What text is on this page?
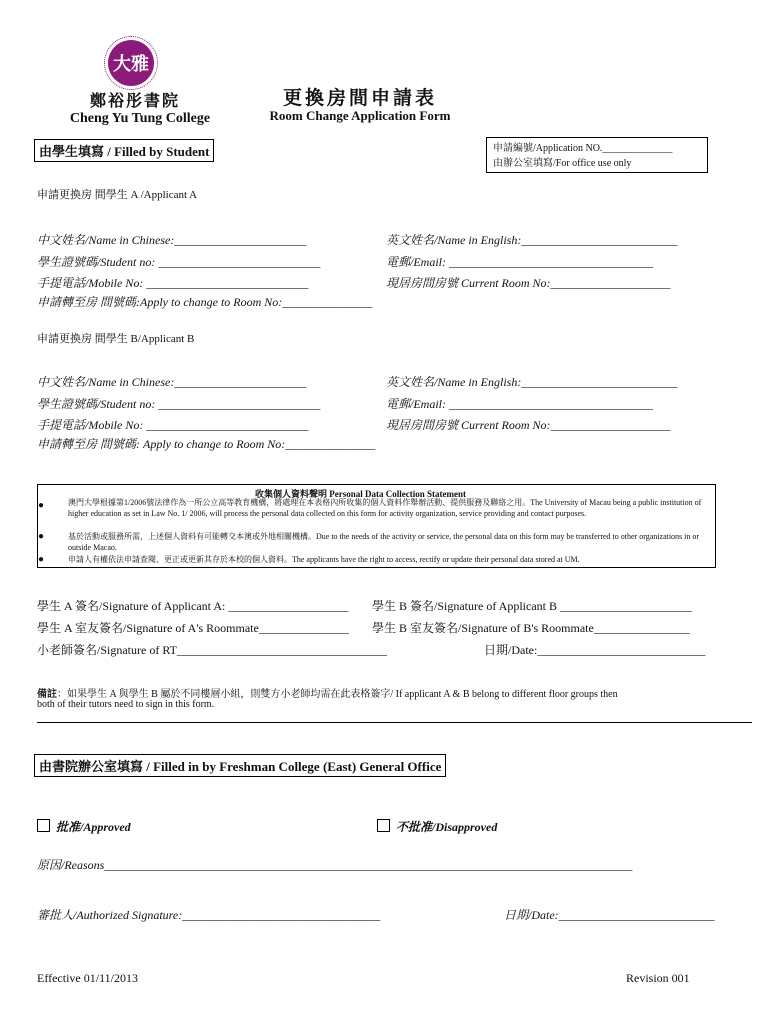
大雅
鄭裕彤書院
Cheng Yu Tung College
更換房間申請表
Room Change Application Form
由學生填寫 / Filled by Student	申請編號/Application NO.______________
由辦公室填寫/For office use only
申請更換房 間學生 A /Applicant A
中文姓名/Name in Chinese:______________________	英文姓名/Name in English:__________________________
學生證號碼/Student no: ___________________________	電郵/Email: __________________________________
手提電話/Mobile No: ___________________________	現居房間房號 Current Room No:____________________
申請轉至房 間號碼:Apply to change to Room No:_______________
申請更換房 間學生 B/Applicant B
中文姓名/Name in Chinese:______________________	英文姓名/Name in English:__________________________
學生證號碼/Student no: ___________________________	電郵/Email: __________________________________
手提電話/Mobile No: ___________________________	現居房間房號 Current Room No:____________________
申請轉至房 間號碼: Apply to change to Room No:_______________
收集個人資料聲明 Personal Data Collection Statement
●	澳門大學根據第1/2006號法律作為一所公立高等教育機構，將處理在本表格內所收集的個人資料作舉辦活動、提供服務及聯絡之用。The University of Macau being a public institution of higher education as set in Law No. 1/ 2006, will process the personal data collected on this form for activity organization, service providing and contact purposes.
●	基於活動或服務所需，上述個人資料有可能轉交本澳或外地相關機構。Due to the needs of the activity or service, the personal data on this form may be transferred to other organizations in or outside Macao.
●	申請人有權依法申請查閱、更正或更新其存於本校的個人資料。The applicants have the right to access, rectify or update their personal data stored at UM.
學生 A 簽名/Signature of Applicant A: ____________________ 學生 B 簽名/Signature of Applicant B ______________________
學生 A 室友簽名/Signature of A's Roommate_______________ 學生 B 室友簽名/Signature of B's Roommate________________
小老師簽名/Signature of RT___________________________________	日期/Date:____________________________
備註：如果學生 A 與學生 B 屬於不同樓層小組，則雙方小老師均需在此表格簽字/ If applicant A & B belong to different floor groups then
both of their tutors need to sign in this form.
由書院辦公室填寫 / Filled in by Freshman College (East) General Office
批准/Approved	不批准/Disapproved
原因/Reasons________________________________________________________________________________________
審批人/Authorized Signature:_________________________________	日期/Date:__________________________
Effective 01/11/2013	Revision 001
